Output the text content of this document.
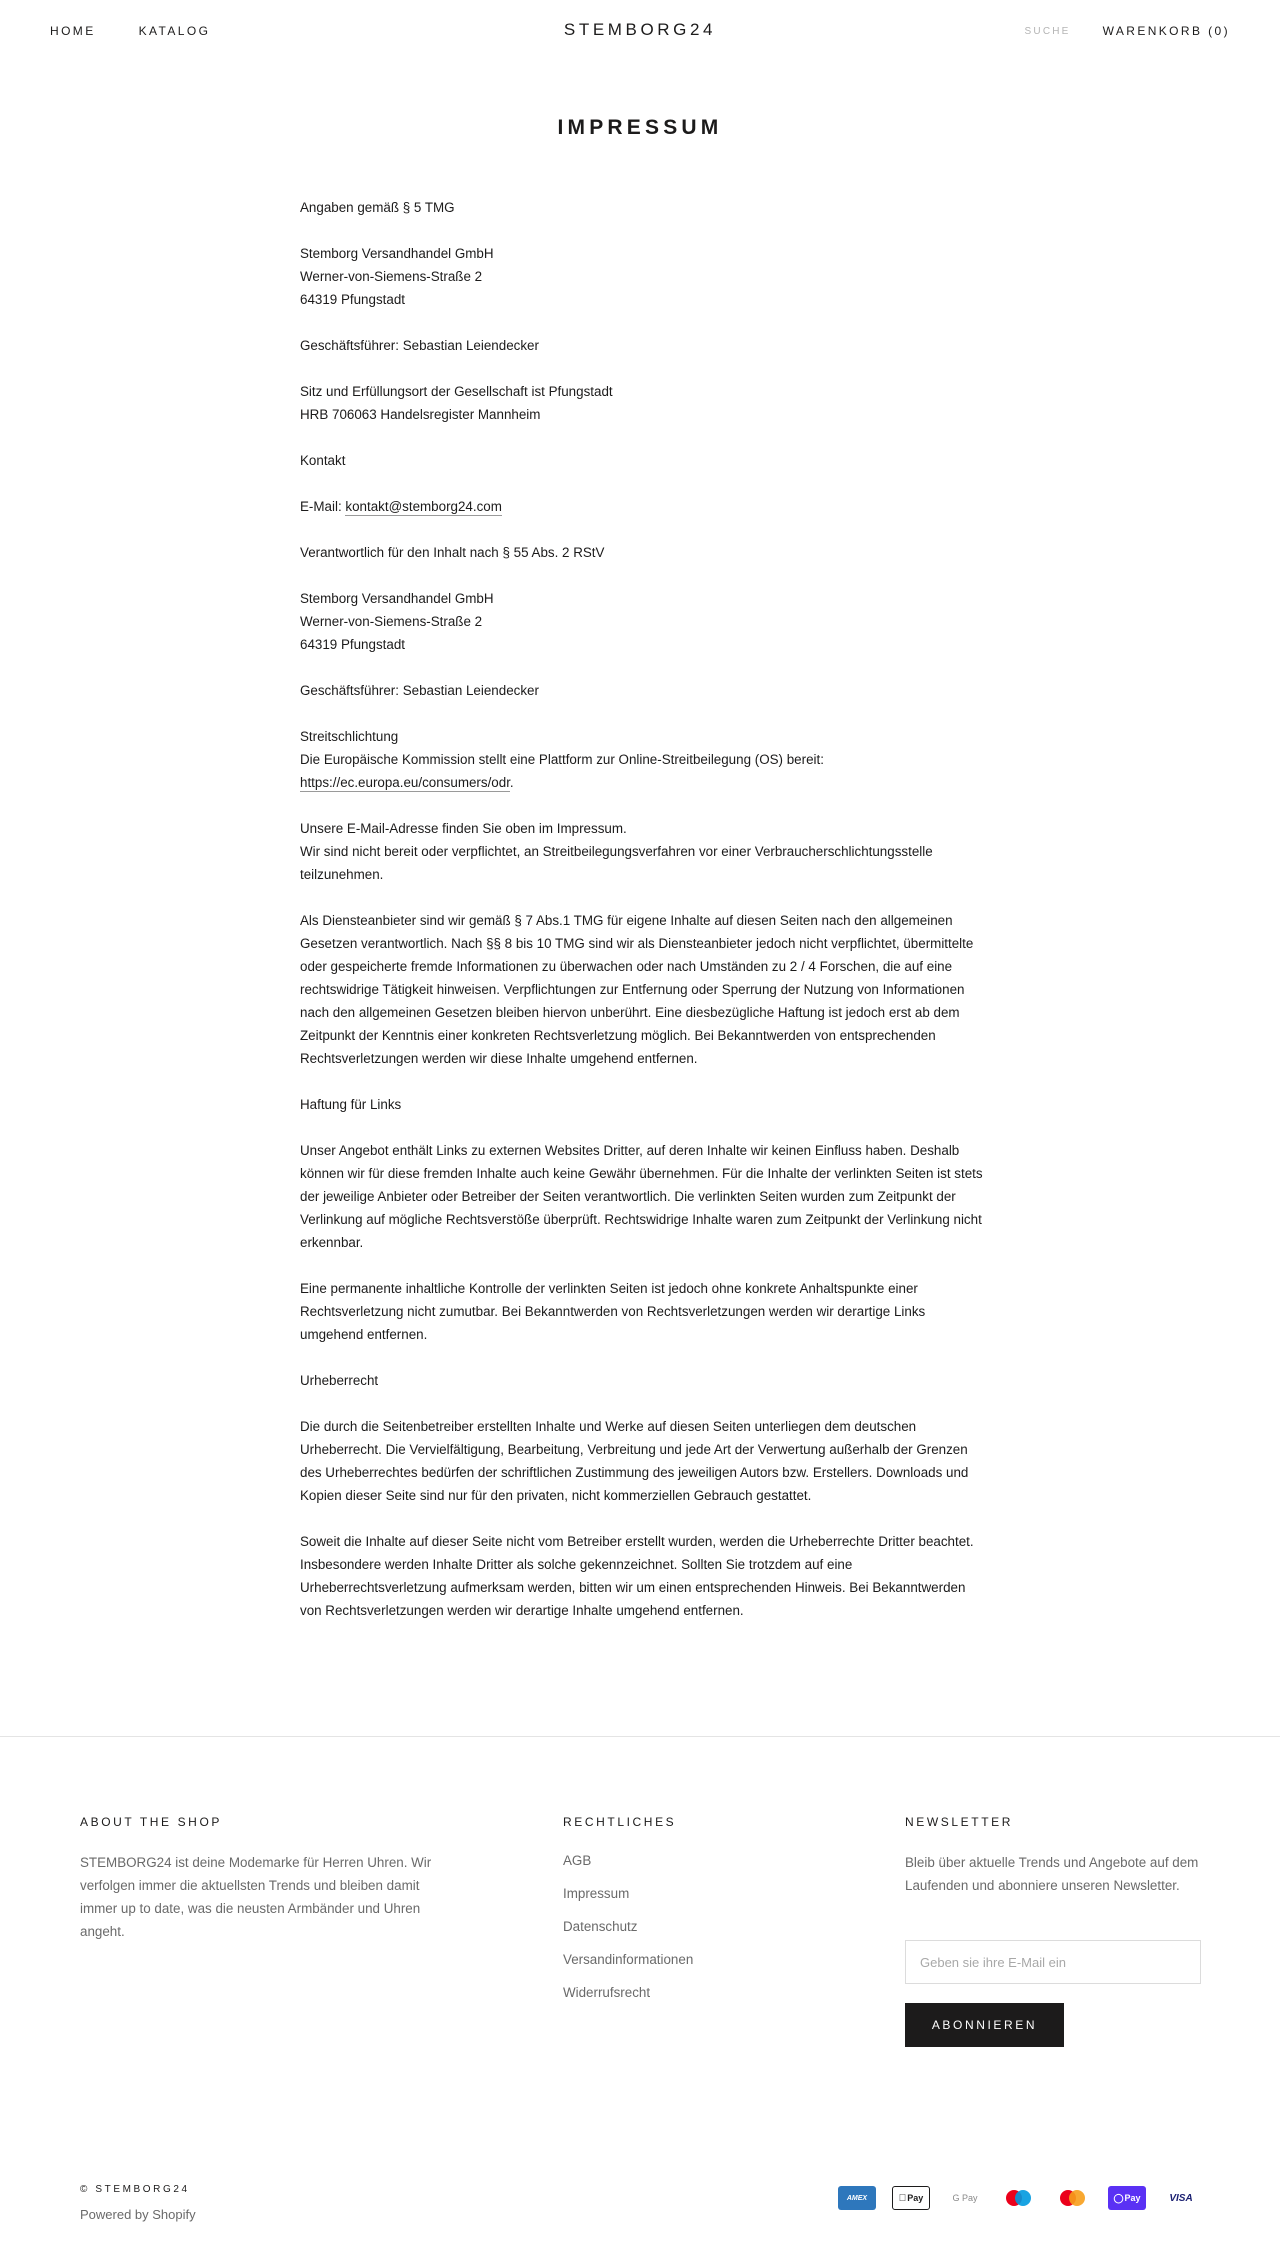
HOME	KATALOG	STEMBORG24	SUCHE	WARENKORB (0)
IMPRESSUM

Angaben gemäß § 5 TMG

Stemborg Versandhandel GmbH
Werner-von-Siemens-Straße 2
64319 Pfungstadt

Geschäftsführer: Sebastian Leiendecker

Sitz und Erfüllungsort der Gesellschaft ist Pfungstadt
HRB 706063 Handelsregister Mannheim

Kontakt

E-Mail: kontakt@stemborg24.com

Verantwortlich für den Inhalt nach § 55 Abs. 2 RStV

Stemborg Versandhandel GmbH
Werner-von-Siemens-Straße 2
64319 Pfungstadt

Geschäftsführer: Sebastian Leiendecker

Streitschlichtung
Die Europäische Kommission stellt eine Plattform zur Online-Streitbeilegung (OS) bereit: https://ec.europa.eu/consumers/odr.

Unsere E-Mail-Adresse finden Sie oben im Impressum.
Wir sind nicht bereit oder verpflichtet, an Streitbeilegungsverfahren vor einer Verbraucherschlichtungsstelle teilzunehmen.

Als Diensteanbieter sind wir gemäß § 7 Abs.1 TMG für eigene Inhalte auf diesen Seiten nach den allgemeinen Gesetzen verantwortlich. Nach §§ 8 bis 10 TMG sind wir als Diensteanbieter jedoch nicht verpflichtet, übermittelte oder gespeicherte fremde Informationen zu überwachen oder nach Umständen zu 2 / 4 Forschen, die auf eine rechtswidrige Tätigkeit hinweisen. Verpflichtungen zur Entfernung oder Sperrung der Nutzung von Informationen nach den allgemeinen Gesetzen bleiben hiervon unberührt. Eine diesbezügliche Haftung ist jedoch erst ab dem Zeitpunkt der Kenntnis einer konkreten Rechtsverletzung möglich. Bei Bekanntwerden von entsprechenden Rechtsverletzungen werden wir diese Inhalte umgehend entfernen.

Haftung für Links

Unser Angebot enthält Links zu externen Websites Dritter, auf deren Inhalte wir keinen Einfluss haben. Deshalb können wir für diese fremden Inhalte auch keine Gewähr übernehmen. Für die Inhalte der verlinkten Seiten ist stets der jeweilige Anbieter oder Betreiber der Seiten verantwortlich. Die verlinkten Seiten wurden zum Zeitpunkt der Verlinkung auf mögliche Rechtsverstöße überprüft. Rechtswidrige Inhalte waren zum Zeitpunkt der Verlinkung nicht erkennbar.

Eine permanente inhaltliche Kontrolle der verlinkten Seiten ist jedoch ohne konkrete Anhaltspunkte einer Rechtsverletzung nicht zumutbar. Bei Bekanntwerden von Rechtsverletzungen werden wir derartige Links umgehend entfernen.

Urheberrecht

Die durch die Seitenbetreiber erstellten Inhalte und Werke auf diesen Seiten unterliegen dem deutschen Urheberrecht. Die Vervielfältigung, Bearbeitung, Verbreitung und jede Art der Verwertung außerhalb der Grenzen des Urheberrechtes bedürfen der schriftlichen Zustimmung des jeweiligen Autors bzw. Erstellers. Downloads und Kopien dieser Seite sind nur für den privaten, nicht kommerziellen Gebrauch gestattet.

Soweit die Inhalte auf dieser Seite nicht vom Betreiber erstellt wurden, werden die Urheberrechte Dritter beachtet. Insbesondere werden Inhalte Dritter als solche gekennzeichnet. Sollten Sie trotzdem auf eine Urheberrechtsverletzung aufmerksam werden, bitten wir um einen entsprechenden Hinweis. Bei Bekanntwerden von Rechtsverletzungen werden wir derartige Inhalte umgehend entfernen.

ABOUT THE SHOP
STEMBORG24 ist deine Modemarke für Herren Uhren. Wir verfolgen immer die aktuellsten Trends und bleiben damit immer up to date, was die neusten Armbänder und Uhren angeht.
RECHTLICHES
AGB
Impressum
Datenschutz
Versandinformationen
Widerrufsrecht
NEWSLETTER
Bleib über aktuelle Trends und Angebote auf dem Laufenden und abonniere unseren Newsletter.
Geben sie ihre E-Mail ein
ABONNIEREN
© STEMBORG24
Powered by Shopify
AMEX	Pay	G Pay	◯ Pay	VISA
